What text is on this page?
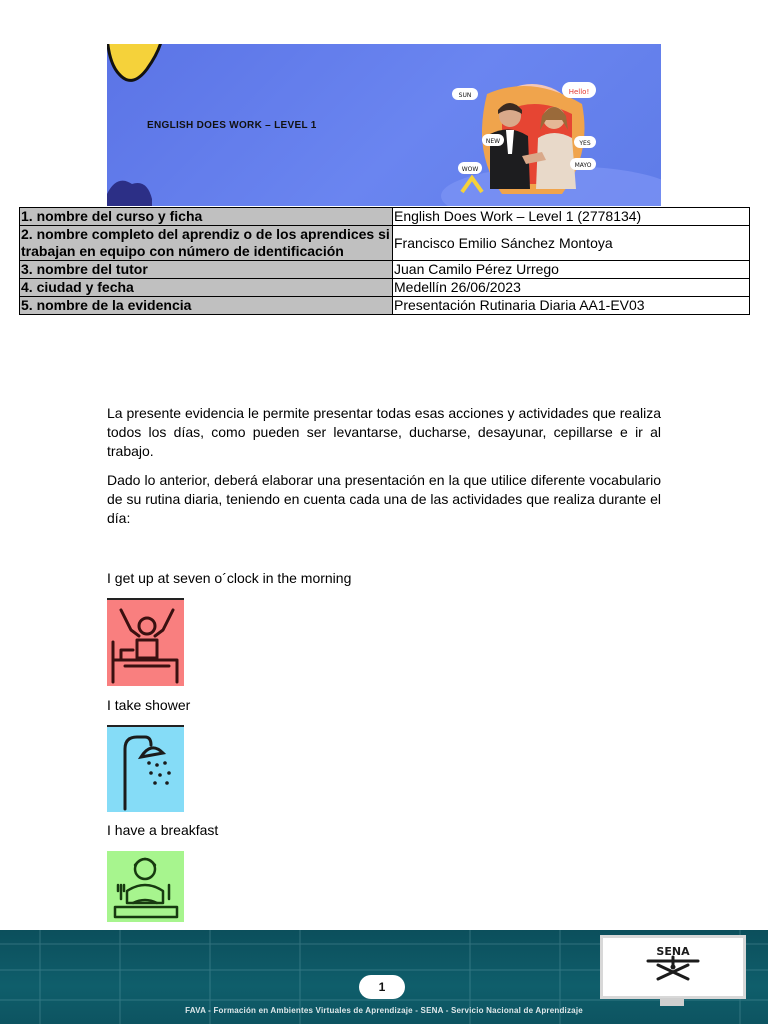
ENGLISH DOES WORK – LEVEL 1
Hello!
SUN
WOW
YES
NEW
MAYO
1. nombre del curso y ficha	English Does Work – Level 1 (2778134)
2. nombre completo del aprendiz o de los aprendices si trabajan en equipo con número de identificación	Francisco Emilio Sánchez Montoya
3. nombre del tutor	Juan Camilo Pérez Urrego
4. ciudad y fecha	Medellín 26/06/2023
5. nombre de la evidencia	Presentación Rutinaria Diaria AA1-EV03

La presente evidencia le permite presentar todas esas acciones y actividades que realiza todos los días, como pueden ser levantarse, ducharse, desayunar, cepillarse e ir al trabajo.

Dado lo anterior, deberá elaborar una presentación en la que utilice diferente vocabulario de su rutina diaria, teniendo en cuenta cada una de las actividades que realiza durante el día:

I get up at seven o´clock in the morning
I take shower
I have a breakfast
SENA
1
FAVA - Formación en Ambientes Virtuales de Aprendizaje - SENA - Servicio Nacional de Aprendizaje
